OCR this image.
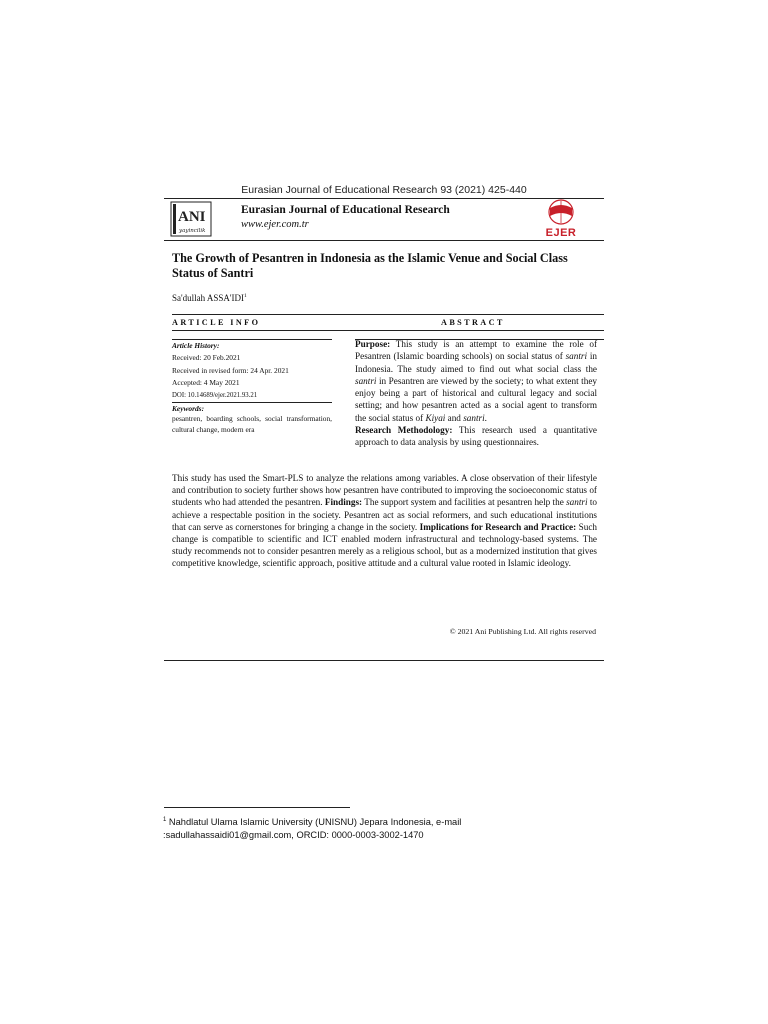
Eurasian Journal of Educational Research 93 (2021) 425-440
ANI
yayincilik
Eurasian Journal of Educational Research
www.ejer.com.tr
EJER
The Growth of Pesantren in Indonesia as the Islamic Venue and Social Class Status of Santri
Sa'dullah ASSA'IDI$^1$
ARTICLE INFO	ABSTRACT
Article History:
Received: 20 Feb.2021
Received in revised form: 24 Apr. 2021
Accepted: 4 May 2021
DOI: 10.14689/ejer.2021.93.21
Keywords:
pesantren, boarding schools, social transformation, cultural change, modern era
Purpose: This study is an attempt to examine the role of Pesantren (Islamic boarding schools) on social status of santri in Indonesia. The study aimed to find out what social class the santri in Pesantren are viewed by the society; to what extent they enjoy being a part of historical and cultural legacy and social setting; and how pesantren acted as a social agent to transform the social status of Kiyai and santri.
Research Methodology: This research used a quantitative approach to data analysis by using questionnaires.
This study has used the Smart-PLS to analyze the relations among variables. A close observation of their lifestyle and contribution to society further shows how pesantren have contributed to improving the socioeconomic status of students who had attended the pesantren. Findings: The support system and facilities at pesantren help the santri to achieve a respectable position in the society. Pesantren act as social reformers, and such educational institutions that can serve as cornerstones for bringing a change in the society. Implications for Research and Practice: Such change is compatible to scientific and ICT enabled modern infrastructural and technology-based systems. The study recommends not to consider pesantren merely as a religious school, but as a modernized institution that gives competitive knowledge, scientific approach, positive attitude and a cultural value rooted in Islamic ideology.
© 2021 Ani Publishing Ltd. All rights reserved
$^1$ Nahdlatul Ulama Islamic University (UNISNU) Jepara Indonesia, e-mail
:sadullahassaidi01@gmail.com, ORCID: 0000-0003-3002-1470
